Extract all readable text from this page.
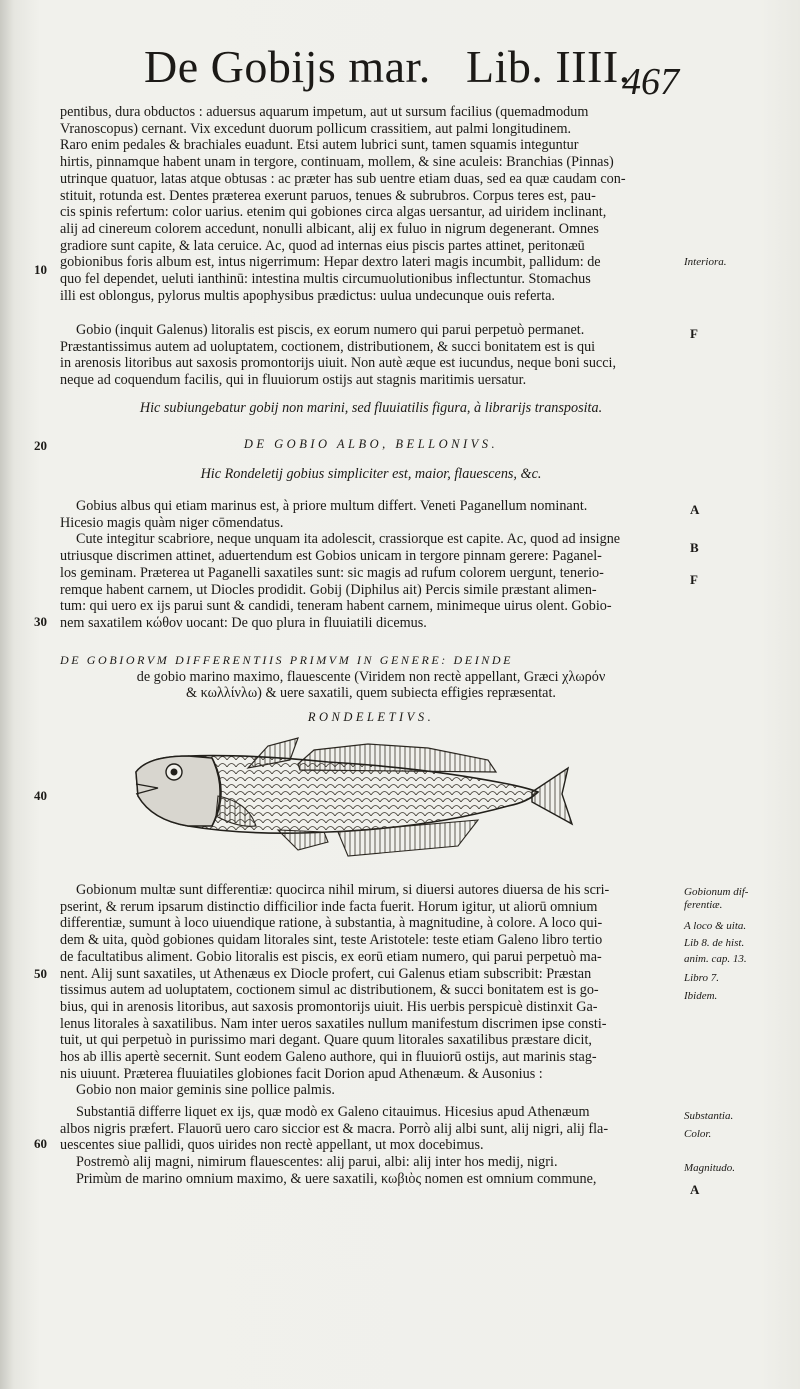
De Gobijs mar. Lib. IIII.
467

pentibus, dura obductos : aduersus aquarum impetum, aut ut sursum facilius (quemadmodum

Vranoscopus) cernant. Vix excedunt duorum pollicum crassitiem, aut palmi longitudinem.

Raro enim pedales & brachiales euadunt. Etsi autem lubrici sunt, tamen squamis integuntur

hirtis, pinnamque habent unam in tergore, continuam, mollem, & sine aculeis: Branchias (Pinnas)

utrinque quatuor, latas atque obtusas : ac præter has sub uentre etiam duas, sed ea quæ caudam con-

stituit, rotunda est. Dentes præterea exerunt paruos, tenues & subrubros. Corpus teres est, pau-

cis spinis refertum: color uarius. etenim qui gobiones circa algas uersantur, ad uiridem inclinant,

alij ad cinereum colorem accedunt, nonulli albicant, alij ex fuluo in nigrum degenerant. Omnes

gradiore sunt capite, & lata ceruice. Ac, quod ad internas eius piscis partes attinet, peritonæū

gobionibus foris album est, intus nigerrimum: Hepar dextro lateri magis incumbit, pallidum: de

quo fel dependet, ueluti ianthinū: intestina multis circumuolutionibus inflectuntur. Stomachus

illi est oblongus, pylorus multis apophysibus prædictus: uulua undecunque ouis referta.

Gobio (inquit Galenus) litoralis est piscis, ex eorum numero qui parui perpetuò permanet.

Præstantissimus autem ad uoluptatem, coctionem, distributionem, & succi bonitatem est is qui

in arenosis litoribus aut saxosis promontorijs uiuit. Non autè æque est iucundus, neque boni succi,

neque ad coquendum facilis, qui in fluuiorum ostijs aut stagnis maritimis uersatur.

Hic subiungebatur gobij non marini, sed fluuiatilis figura, à librarijs transposita.

DE GOBIO ALBO, BELLONIVS.

Hic Rondeletij gobius simpliciter est, maior, flauescens, &c.

Gobius albus qui etiam marinus est, à priore multum differt. Veneti Paganellum nominant.

Hicesio magis quàm niger cōmendatus.

Cute integitur scabriore, neque unquam ita adolescit, crassiorque est capite. Ac, quod ad insigne

utriusque discrimen attinet, aduertendum est Gobios unicam in tergore pinnam gerere: Paganel-

los geminam. Præterea ut Paganelli saxatiles sunt: sic magis ad rufum colorem uergunt, tenerio-

remque habent carnem, ut Diocles prodidit. Gobij (Diphilus ait) Percis simile præstant alimen-

tum: qui uero ex ijs parui sunt & candidi, teneram habent carnem, minimeque uirus olent. Gobio-

nem saxatilem κώθον uocant: De quo plura in fluuiatili dicemus.

DE GOBIORVM DIFFERENTIIS PRIMVM IN GENERE: DEINDE

de gobio marino maximo, flauescente (Viridem non rectè appellant, Græci χλωρόν

& κωλλίνλω) & uere saxatili, quem subiecta effigies repræsentat.

RONDELETIVS.

Gobionum multæ sunt differentiæ: quocirca nihil mirum, si diuersi autores diuersa de his scri-

pserint, & rerum ipsarum distinctio difficilior inde facta fuerit. Horum igitur, ut aliorū omnium

differentiæ, sumunt à loco uiuendique ratione, à substantia, à magnitudine, à colore. A loco qui-

dem & uita, quòd gobiones quidam litorales sint, teste Aristotele: teste etiam Galeno libro tertio

de facultatibus aliment. Gobio litoralis est piscis, ex eorū etiam numero, qui parui perpetuò ma-

nent. Alij sunt saxatiles, ut Athenæus ex Diocle profert, cui Galenus etiam subscribit: Præstan

tissimus autem ad uoluptatem, coctionem simul ac distributionem, & succi bonitatem est is go-

bius, qui in arenosis litoribus, aut saxosis promontorijs uiuit. His uerbis perspicuè distinxit Ga-

lenus litorales à saxatilibus. Nam inter ueros saxatiles nullum manifestum discrimen ipse consti-

tuit, ut qui perpetuò in purissimo mari degant. Quare quum litorales saxatilibus præstare dicit,

hos ab illis apertè secernit. Sunt eodem Galeno authore, qui in fluuiorū ostijs, aut marinis stag-

nis uiuunt. Præterea fluuiatiles globiones facit Dorion apud Athenæum. & Ausonius :

Gobio non maior geminis sine pollice palmis.

Substantiā differre liquet ex ijs, quæ modò ex Galeno citauimus. Hicesius apud Athenæum

albos nigris præfert. Flauorū uero caro siccior est & macra. Porrò alij albi sunt, alij nigri, alij fla-

uescentes siue pallidi, quos uirides non rectè appellant, ut mox docebimus.

Postremò alij magni, nimirum flauescentes: alij parui, albi: alij inter hos medij, nigri.

Primùm de marino omnium maximo, & uere saxatili, κωβιὸς nomen est omnium commune,

Interiora.
Gobionum dif-
ferentiæ.
A loco & uita.
Lib 8. de hist.
anim. cap. 13.
Libro 7.
Ibidem.
Substantia.
Color.
Magnitudo.
F
A
B
F
A
10
20
30
40
50
60
